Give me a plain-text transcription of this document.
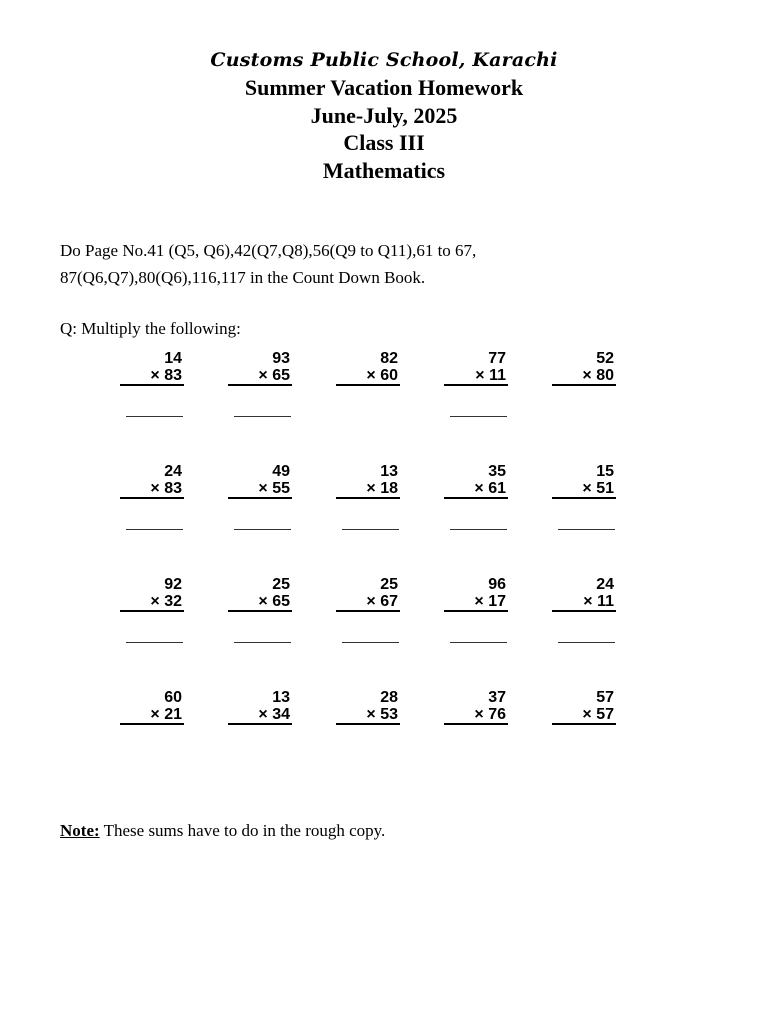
Customs Public School, Karachi
Summer Vacation Homework
June-July, 2025
Class III
Mathematics
Do Page No.41 (Q5, Q6),42(Q7,Q8),56(Q9 to Q11),61 to 67,
87(Q6,Q7),80(Q6),116,117 in the Count Down Book.
Q: Multiply the following:
14
× 83
93
× 65
82
× 60
77
× 11
52
× 80
24
× 83
49
× 55
13
× 18
35
× 61
15
× 51
92
× 32
25
× 65
25
× 67
96
× 17
24
× 11
60
× 21
13
× 34
28
× 53
37
× 76
57
× 57
Note: These sums have to do in the rough copy.
